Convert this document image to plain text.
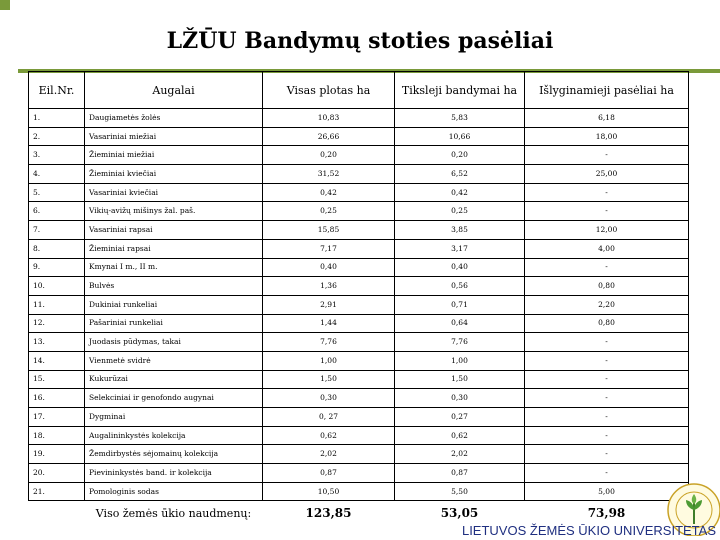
LŽŪU Bandymų stoties pasėliai
Eil.Nr.	Augalai	Visas plotas ha	Tiksleji bandymai ha	Išlyginamieji pasėliai ha
1.	Daugiametės žolės	10,83	5,83	6,18
2.	Vasariniai miežiai	26,66	10,66	18,00
3.	Žieminiai miežiai	0,20	0,20	-
4.	Žieminiai kviečiai	31,52	6,52	25,00
5.	Vasariniai kviečiai	0,42	0,42	-
6.	Vikių-avižų mišinys žal. paš.	0,25	0,25	-
7.	Vasariniai rapsai	15,85	3,85	12,00
8.	Žieminiai rapsai	7,17	3,17	4,00
9.	Kmynai I m., II m.	0,40	0,40	-
10.	Bulvės	1,36	0,56	0,80
11.	Dukiniai runkeliai	2,91	0,71	2,20
12.	Pašariniai runkeliai	1,44	0,64	0,80
13.	Juodasis pūdymas, takai	7,76	7,76	-
14.	Vienmetė svidrė	1,00	1,00	-
15.	Kukurūzai	1,50	1,50	-
16.	Selekciniai ir genofondo augynai	0,30	0,30	-
17.	Dygminai	0, 27	0,27	-
18.	Augalininkystės kolekcija	0,62	0,62	-
19.	Žemdirbystės sėjomainų kolekcija	2,02	2,02	-
20.	Pievininkystės band. ir kolekcija	0,87	0,87	-
21.	Pomologinis sodas	10,50	5,50	5,00
	Viso žemės ūkio naudmenų:	123,85	53,05	73,98
LIETUVOS ŽEMĖS ŪKIO UNIVERSITETAS
